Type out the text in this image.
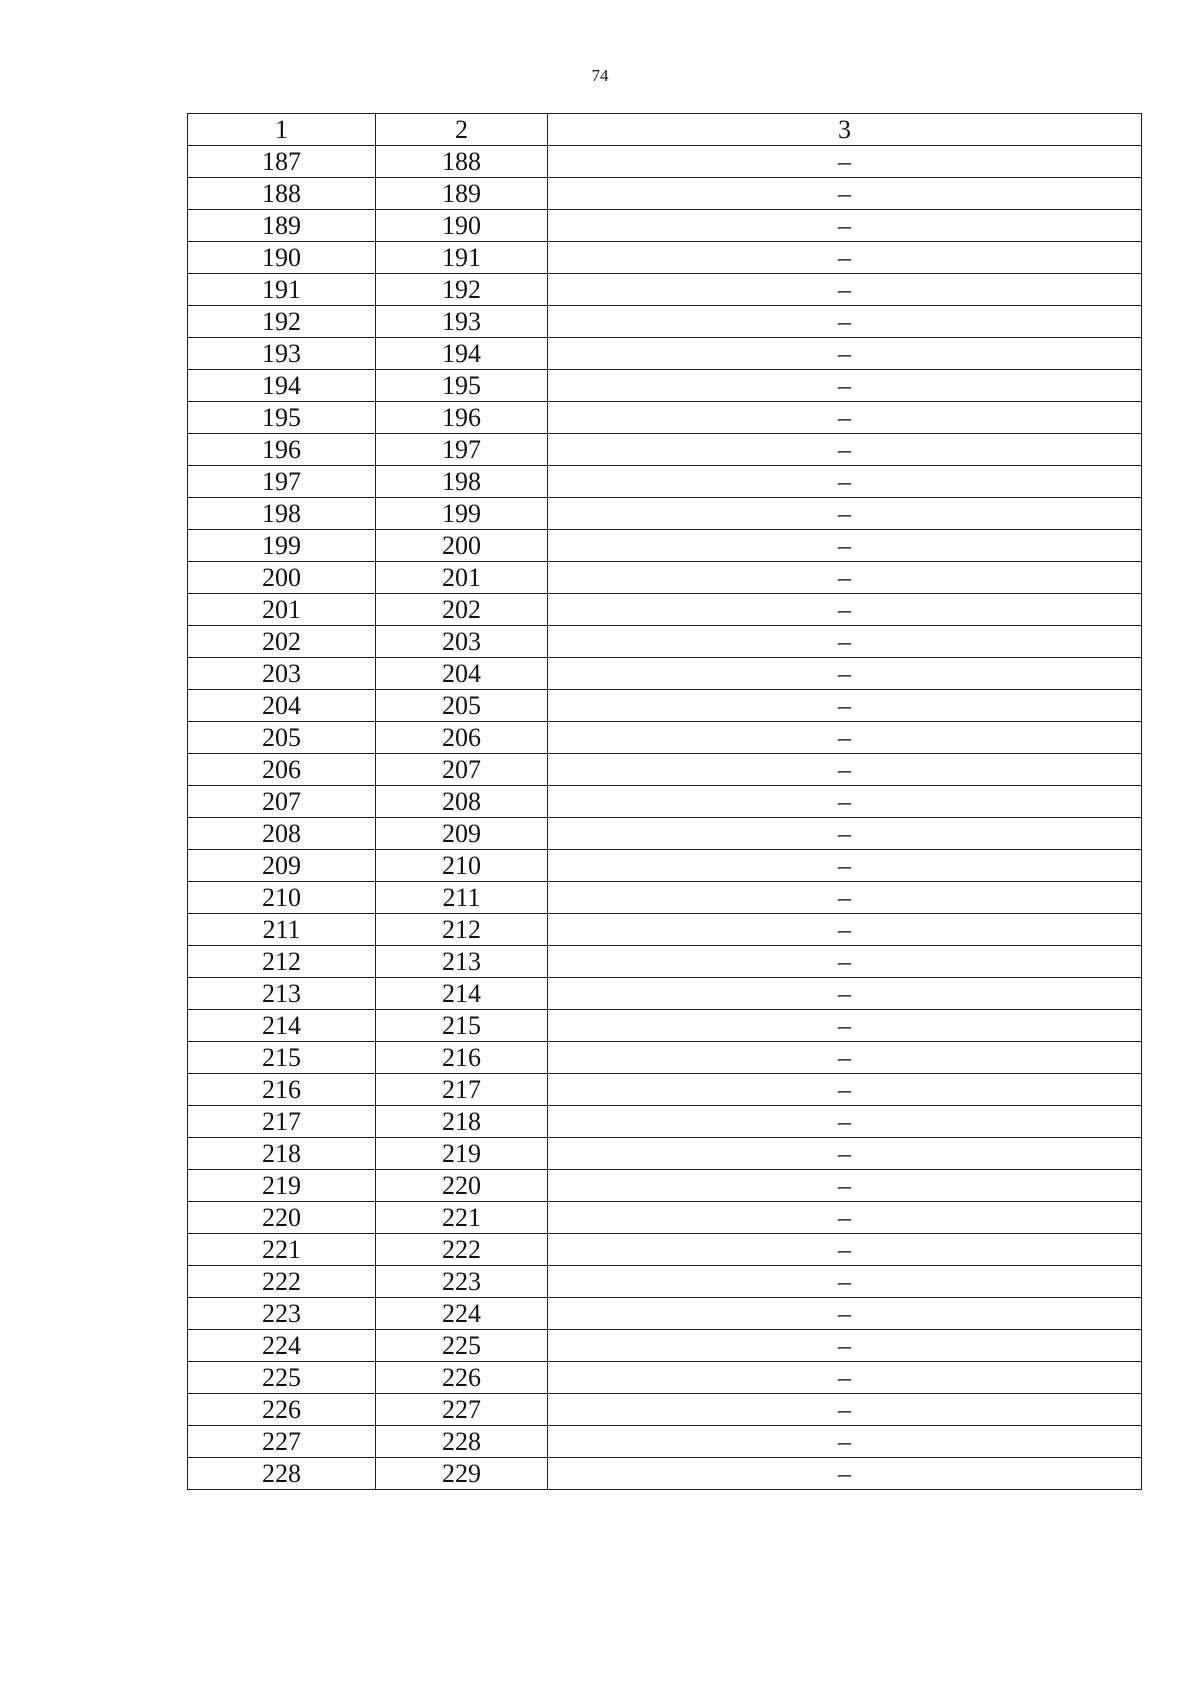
74
1	2	3
187	188	–
188	189	–
189	190	–
190	191	–
191	192	–
192	193	–
193	194	–
194	195	–
195	196	–
196	197	–
197	198	–
198	199	–
199	200	–
200	201	–
201	202	–
202	203	–
203	204	–
204	205	–
205	206	–
206	207	–
207	208	–
208	209	–
209	210	–
210	211	–
211	212	–
212	213	–
213	214	–
214	215	–
215	216	–
216	217	–
217	218	–
218	219	–
219	220	–
220	221	–
221	222	–
222	223	–
223	224	–
224	225	–
225	226	–
226	227	–
227	228	–
228	229	–
